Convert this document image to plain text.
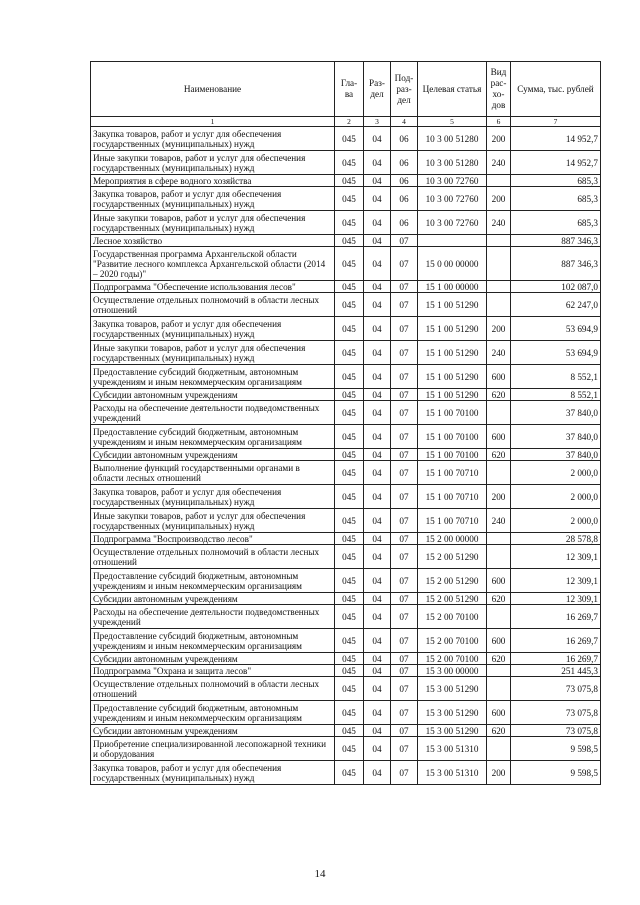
Наименование	Гла-ва	Раз-дел	Под-раз-дел	Целевая статья	Вид рас-хо-дов	Сумма, тыс. рублей
1	2	3	4	5	6	7
Закупка товаров, работ и услуг для обеспечения государственных (муниципальных) нужд	045	04	06	10 3 00 51280	200	14 952,7
Иные закупки товаров, работ и услуг для обеспечения государственных (муниципальных) нужд	045	04	06	10 3 00 51280	240	14 952,7
Мероприятия в сфере водного хозяйства	045	04	06	10 3 00 72760		685,3
Закупка товаров, работ и услуг для обеспечения государственных (муниципальных) нужд	045	04	06	10 3 00 72760	200	685,3
Иные закупки товаров, работ и услуг для обеспечения государственных (муниципальных) нужд	045	04	06	10 3 00 72760	240	685,3
Лесное хозяйство	045	04	07			887 346,3
Государственная программа Архангельской области "Развитие лесного комплекса Архангельской области (2014 – 2020 годы)"	045	04	07	15 0 00 00000		887 346,3
Подпрограмма "Обеспечение использования лесов"	045	04	07	15 1 00 00000		102 087,0
Осуществление отдельных полномочий в области лесных отношений	045	04	07	15 1 00 51290		62 247,0
Закупка товаров, работ и услуг для обеспечения государственных (муниципальных) нужд	045	04	07	15 1 00 51290	200	53 694,9
Иные закупки товаров, работ и услуг для обеспечения государственных (муниципальных) нужд	045	04	07	15 1 00 51290	240	53 694,9
Предоставление субсидий бюджетным, автономным учреждениям и иным некоммерческим организациям	045	04	07	15 1 00 51290	600	8 552,1
Субсидии автономным учреждениям	045	04	07	15 1 00 51290	620	8 552,1
Расходы на обеспечение деятельности подведомственных учреждений	045	04	07	15 1 00 70100		37 840,0
Предоставление субсидий бюджетным, автономным учреждениям и иным некоммерческим организациям	045	04	07	15 1 00 70100	600	37 840,0
Субсидии автономным учреждениям	045	04	07	15 1 00 70100	620	37 840,0
Выполнение функций государственными органами в области лесных отношений	045	04	07	15 1 00 70710		2 000,0
Закупка товаров, работ и услуг для обеспечения государственных (муниципальных) нужд	045	04	07	15 1 00 70710	200	2 000,0
Иные закупки товаров, работ и услуг для обеспечения государственных (муниципальных) нужд	045	04	07	15 1 00 70710	240	2 000,0
Подпрограмма "Воспроизводство лесов"	045	04	07	15 2 00 00000		28 578,8
Осуществление отдельных полномочий в области лесных отношений	045	04	07	15 2 00 51290		12 309,1
Предоставление субсидий бюджетным, автономным учреждениям и иным некоммерческим организациям	045	04	07	15 2 00 51290	600	12 309,1
Субсидии автономным учреждениям	045	04	07	15 2 00 51290	620	12 309,1
Расходы на обеспечение деятельности подведомственных учреждений	045	04	07	15 2 00 70100		16 269,7
Предоставление субсидий бюджетным, автономным учреждениям и иным некоммерческим организациям	045	04	07	15 2 00 70100	600	16 269,7
Субсидии автономным учреждениям	045	04	07	15 2 00 70100	620	16 269,7
Подпрограмма "Охрана и защита лесов"	045	04	07	15 3 00 00000		251 445,3
Осуществление отдельных полномочий в области лесных отношений	045	04	07	15 3 00 51290		73 075,8
Предоставление субсидий бюджетным, автономным учреждениям и иным некоммерческим организациям	045	04	07	15 3 00 51290	600	73 075,8
Субсидии автономным учреждениям	045	04	07	15 3 00 51290	620	73 075,8
Приобретение специализированной лесопожарной техники и оборудования	045	04	07	15 3 00 51310		9 598,5
Закупка товаров, работ и услуг для обеспечения государственных (муниципальных) нужд	045	04	07	15 3 00 51310	200	9 598,5
14
